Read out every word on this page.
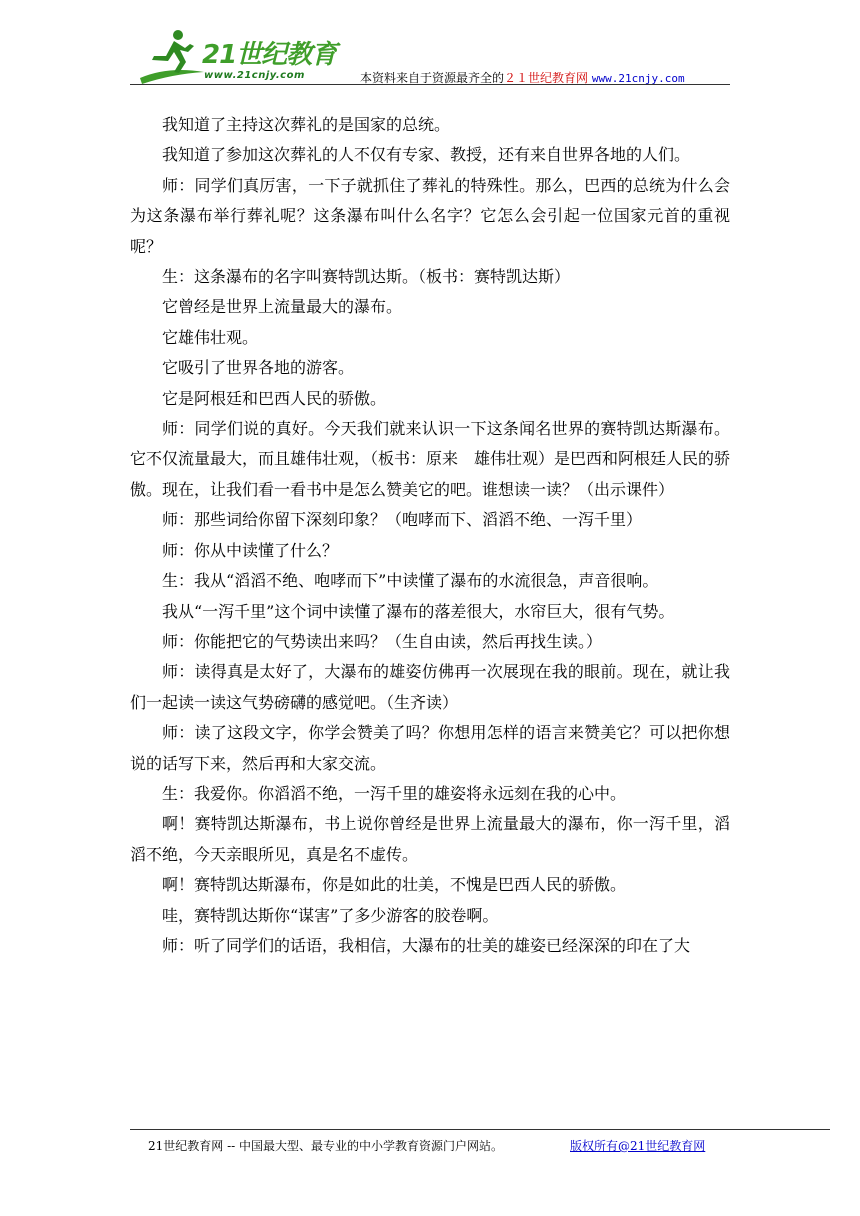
21世纪教育
www.21cnjy.com	本资料来自于资源最齐全的２１世纪教育网 www.21cnjy.com

我知道了主持这次葬礼的是国家的总统。

我知道了参加这次葬礼的人不仅有专家、教授，还有来自世界各地的人们。

师：同学们真厉害，一下子就抓住了葬礼的特殊性。那么，巴西的总统为什么会为这条瀑布举行葬礼呢？这条瀑布叫什么名字？它怎么会引起一位国家元首的重视呢？

生：这条瀑布的名字叫赛特凯达斯。（板书：赛特凯达斯）

它曾经是世界上流量最大的瀑布。

它雄伟壮观。

它吸引了世界各地的游客。

它是阿根廷和巴西人民的骄傲。

师：同学们说的真好。今天我们就来认识一下这条闻名世界的赛特凯达斯瀑布。它不仅流量最大，而且雄伟壮观，（板书：原来　雄伟壮观）是巴西和阿根廷人民的骄傲。现在，让我们看一看书中是怎么赞美它的吧。谁想读一读？（出示课件）

师：那些词给你留下深刻印象？（咆哮而下、滔滔不绝、一泻千里）

师：你从中读懂了什么？

生：我从“滔滔不绝、咆哮而下”中读懂了瀑布的水流很急，声音很响。

我从“一泻千里”这个词中读懂了瀑布的落差很大，水帘巨大，很有气势。

师：你能把它的气势读出来吗？（生自由读，然后再找生读。）

师：读得真是太好了，大瀑布的雄姿仿佛再一次展现在我的眼前。现在，就让我们一起读一读这气势磅礴的感觉吧。（生齐读）

师：读了这段文字，你学会赞美了吗？你想用怎样的语言来赞美它？可以把你想说的话写下来，然后再和大家交流。

生：我爱你。你滔滔不绝，一泻千里的雄姿将永远刻在我的心中。

啊！赛特凯达斯瀑布，书上说你曾经是世界上流量最大的瀑布，你一泻千里，滔滔不绝，今天亲眼所见，真是名不虚传。

啊！赛特凯达斯瀑布，你是如此的壮美，不愧是巴西人民的骄傲。

哇，赛特凯达斯你“谋害”了多少游客的胶卷啊。

师：听了同学们的话语，我相信，大瀑布的壮美的雄姿已经深深的印在了大

21世纪教育网 -- 中国最大型、最专业的中小学教育资源门户网站。	版权所有@21世纪教育网
